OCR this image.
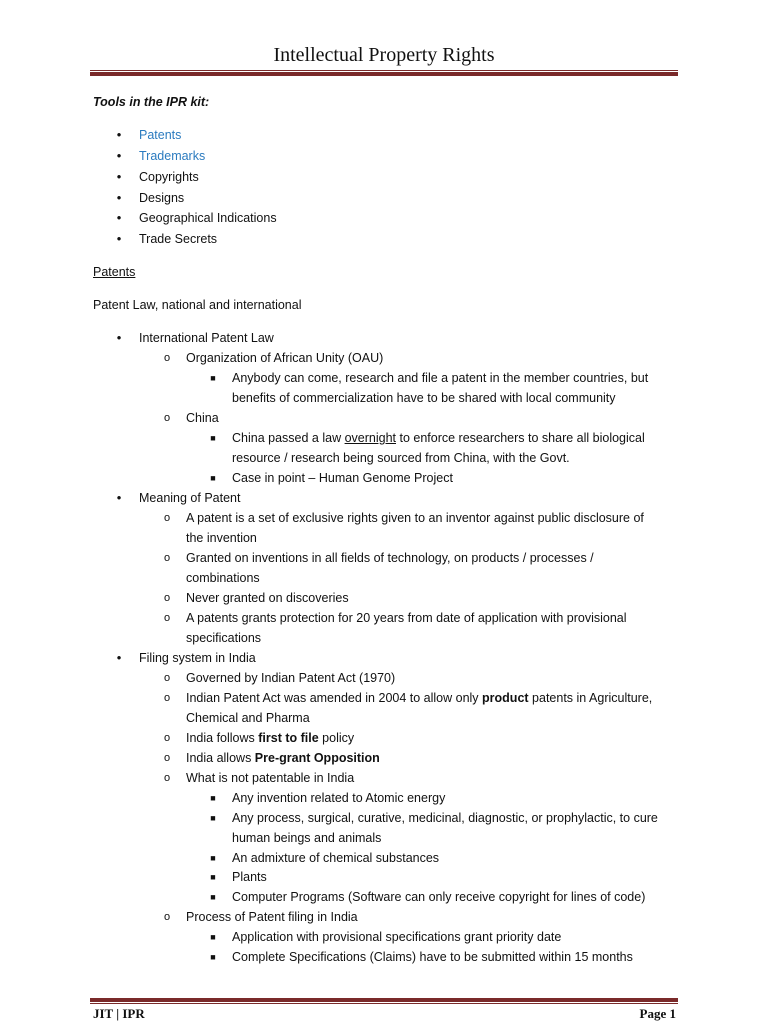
Intellectual Property Rights
Tools in the IPR kit:
• Patents
• Trademarks
• Copyrights
• Designs
• Geographical Indications
• Trade Secrets
Patents
Patent Law, national and international
• International Patent Law
o Organization of African Unity (OAU)
■ Anybody can come, research and file a patent in the member countries, but
benefits of commercialization have to be shared with local community
o China
■ China passed a law overnight to enforce researchers to share all biological
resource / research being sourced from China, with the Govt.
■ Case in point – Human Genome Project
• Meaning of Patent
o A patent is a set of exclusive rights given to an inventor against public disclosure of
the invention
o Granted on inventions in all fields of technology, on products / processes /
combinations
o Never granted on discoveries
o A patents grants protection for 20 years from date of application with provisional
specifications
• Filing system in India
o Governed by Indian Patent Act (1970)
o Indian Patent Act was amended in 2004 to allow only product patents in Agriculture,
Chemical and Pharma
o India follows first to file policy
o India allows Pre-grant Opposition
o What is not patentable in India
■ Any invention related to Atomic energy
■ Any process, surgical, curative, medicinal, diagnostic, or prophylactic, to cure
human beings and animals
■ An admixture of chemical substances
■ Plants
■ Computer Programs (Software can only receive copyright for lines of code)
o Process of Patent filing in India
■ Application with provisional specifications grant priority date
■ Complete Specifications (Claims) have to be submitted within 15 months
JIT | IPR	Page 1
